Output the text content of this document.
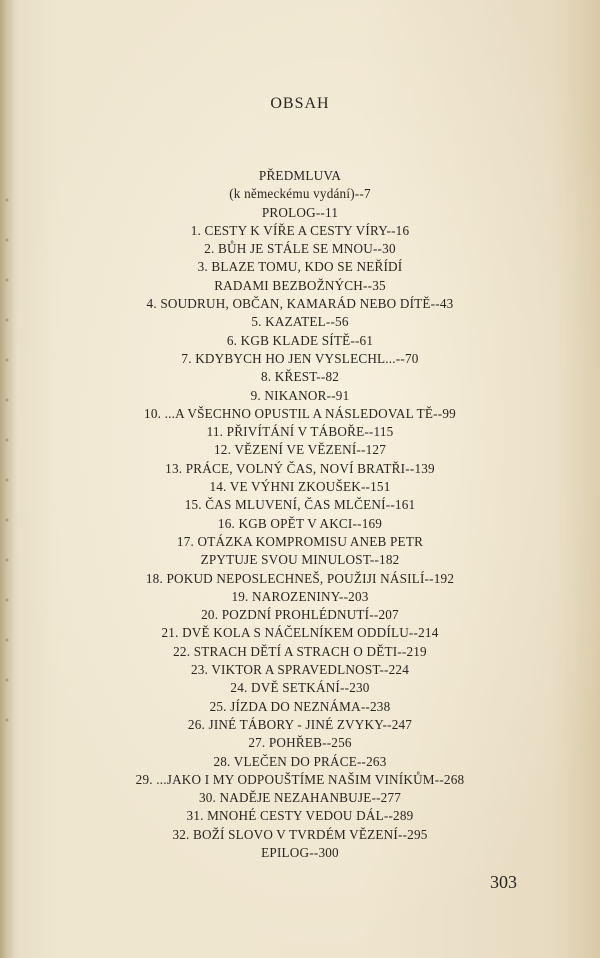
OBSAH
PŘEDMLUVA
(k německému vydání)--7
PROLOG--11
1. CESTY K VÍŘE A CESTY VÍRY--16
2. BŮH JE STÁLE SE MNOU--30
3. BLAZE TOMU, KDO SE NEŘÍDÍ
RADAMI BEZBOŽNÝCH--35
4. SOUDRUH, OBČAN, KAMARÁD NEBO DÍTĚ--43
5. KAZATEL--56
6. KGB KLADE SÍTĚ--61
7. KDYBYCH HO JEN VYSLECHL...--70
8. KŘEST--82
9. NIKANOR--91
10. ...A VŠECHNO OPUSTIL A NÁSLEDOVAL TĚ--99
11. PŘIVÍTÁNÍ V TÁBOŘE--115
12. VĚZENÍ VE VĚZENÍ--127
13. PRÁCE, VOLNÝ ČAS, NOVÍ BRATŘI--139
14. VE VÝHNI ZKOUŠEK--151
15. ČAS MLUVENÍ, ČAS MLČENÍ--161
16. KGB OPĚT V AKCI--169
17. OTÁZKA KOMPROMISU ANEB PETR
ZPYTUJE SVOU MINULOST--182
18. POKUD NEPOSLECHNEŠ, POUŽIJI NÁSILÍ--192
19. NAROZENINY--203
20. POZDNÍ PROHLÉDNUTÍ--207
21. DVĚ KOLA S NÁČELNÍKEM ODDÍLU--214
22. STRACH DĚTÍ A STRACH O DĚTI--219
23. VIKTOR A SPRAVEDLNOST--224
24. DVĚ SETKÁNÍ--230
25. JÍZDA DO NEZNÁMA--238
26. JINÉ TÁBORY - JINÉ ZVYKY--247
27. POHŘEB--256
28. VLEČEN DO PRÁCE--263
29. ...JAKO I MY ODPOUŠTÍME NAŠIM VINÍKŮM--268
30. NADĚJE NEZAHANBUJE--277
31. MNOHÉ CESTY VEDOU DÁL--289
32. BOŽÍ SLOVO V TVRDÉM VĚZENÍ--295
EPILOG--300
303
